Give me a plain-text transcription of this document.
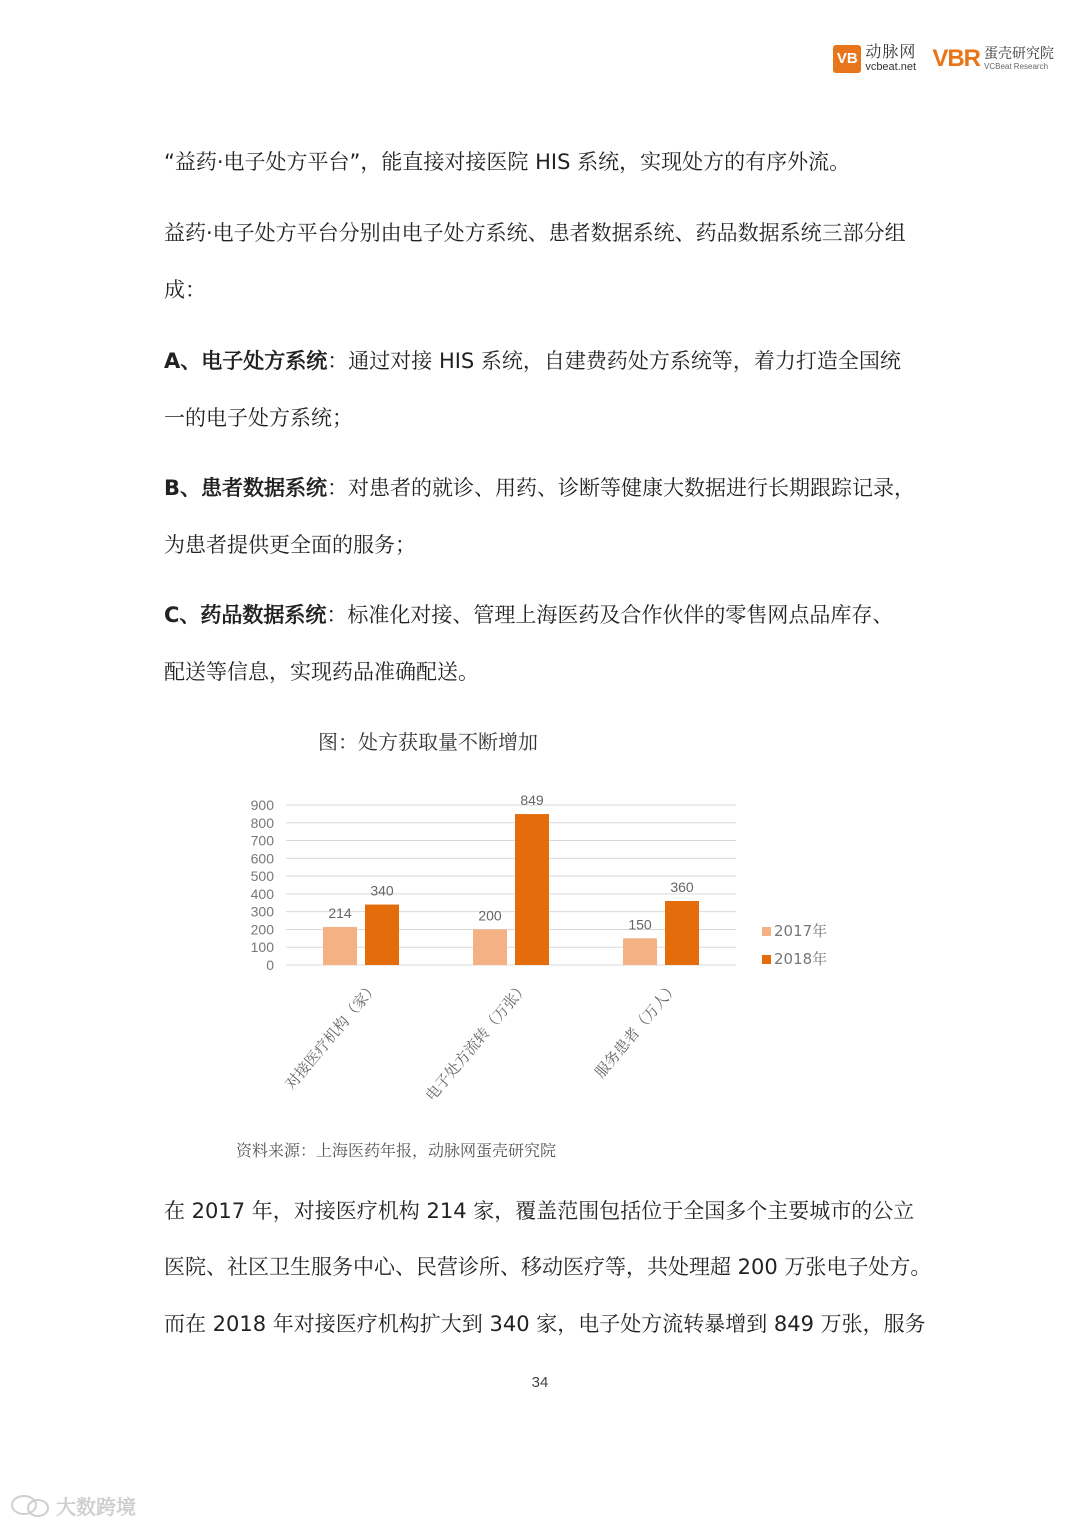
VB 动脉网
vcbeat.net VBR 蛋壳研究院
VCBeat Research
“益药·电子处方平台”，能直接对接医院 HIS 系统，实现处方的有序外流。
益药·电子处方平台分别由电子处方系统、患者数据系统、药品数据系统三部分组
成：
A、电子处方系统：通过对接 HIS 系统，自建费药处方系统等，着力打造全国统
一的电子处方系统；
B、患者数据系统：对患者的就诊、用药、诊断等健康大数据进行长期跟踪记录，
为患者提供更全面的服务；
C、药品数据系统：标准化对接、管理上海医药及合作伙伴的零售网点品库存、
配送等信息，实现药品准确配送。
图：处方获取量不断增加
0
100
200
300
400
500
600
700
800
900
214
340
对接医疗机构（家）
200
849
电子处方流转（万张）
150
360
服务患者（万人）
2017年
2018年
资料来源：上海医药年报，动脉网蛋壳研究院
在 2017 年，对接医疗机构 214 家，覆盖范围包括位于全国多个主要城市的公立
医院、社区卫生服务中心、民营诊所、移动医疗等，共处理超 200 万张电子处方。
而在 2018 年对接医疗机构扩大到 340 家，电子处方流转暴增到 849 万张，服务
34
大数跨境
